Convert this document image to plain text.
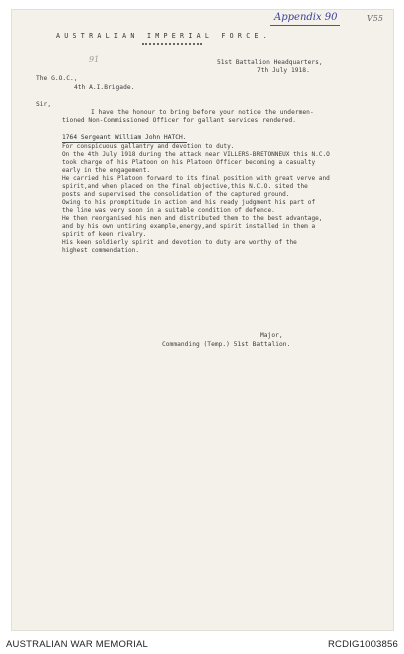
Appendix 90	V55
91
AUSTRALIAN IMPERIAL FORCE.
51st Battalion Headquarters,
7th July 1918.
The G.O.C.,
4th A.I.Brigade.
Sir,
I have the honour to bring before your notice the undermen-
tioned Non-Commissioned Officer for gallant services rendered.
1764 Sergeant William John HATCH.
For conspicuous gallantry and devotion to duty.
On the 4th July 1918 during the attack near VILLERS-BRETONNEUX this N.C.O
took charge of his Platoon on his Platoon Officer becoming a casualty
early in the engagement.
He carried his Platoon forward to its final position with great verve and
spirit,and when placed on the final objective,this N.C.O. sited the
posts and supervised the consolidation of the captured ground.
Owing to his promptitude in action and his ready judgment his part of
the line was very soon in a suitable condition of defence.
He then reorganised his men and distributed them to the best advantage,
and by his own untiring example,energy,and spirit installed in them a
spirit of keen rivalry.
His keen soldierly spirit and devotion to duty are worthy of the
highest commendation.
Major,
Commanding (Temp.) 51st Battalion.
AUSTRALIAN WAR MEMORIAL	RCDIG1003856
